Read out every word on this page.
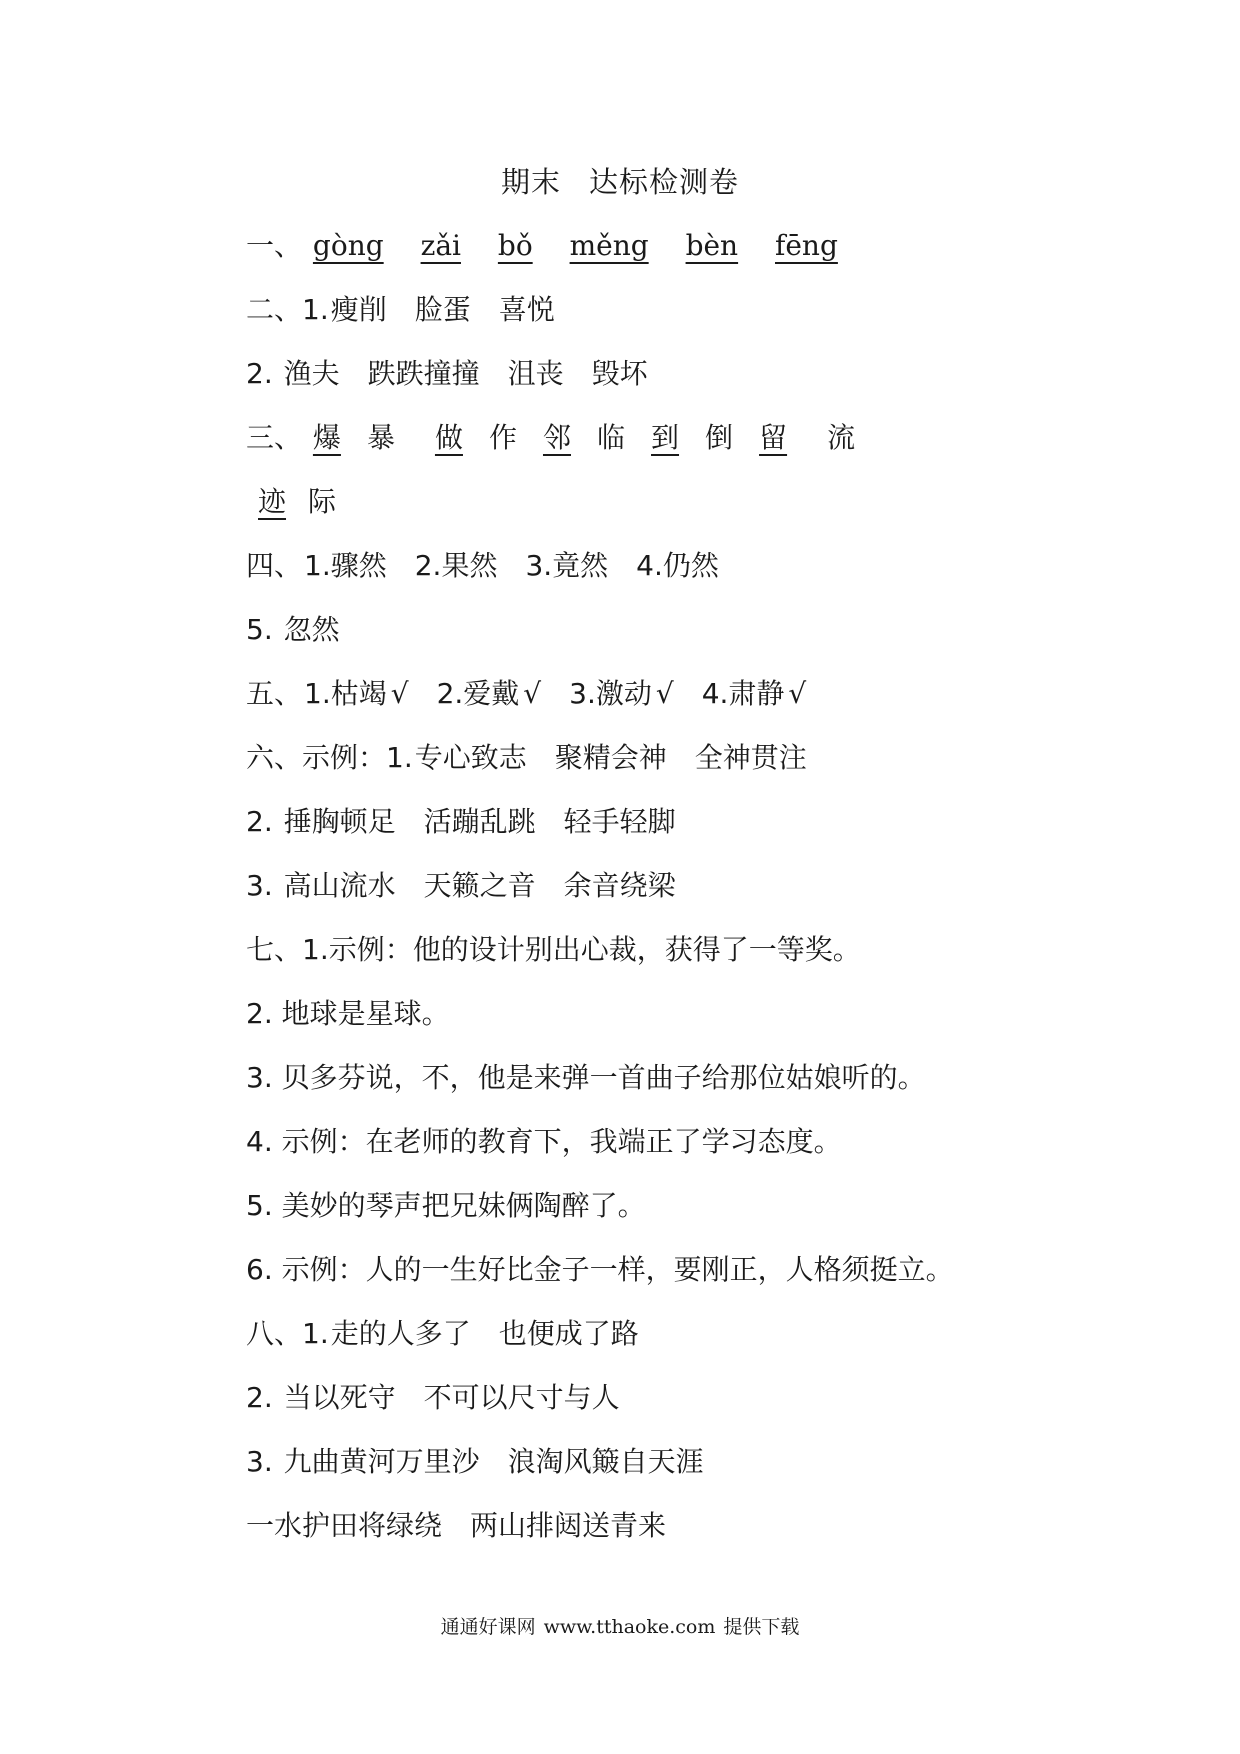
期末 达标检测卷
一、 gòng zǎi bǒ měng bèn fēng
二、1.瘦削 脸蛋 喜悦
2. 渔夫 跌跌撞撞 沮丧 毁坏
三、 爆 暴 做 作 邻 临 到 倒 留 流
迹 际
四、1.骤然 2.果然 3.竟然 4.仍然
5. 忽然
五、1.枯竭 √ 2.爱戴 √ 3.激动 √ 4.肃静 √
六、示例：1.专心致志 聚精会神 全神贯注
2. 捶胸顿足 活蹦乱跳 轻手轻脚
3. 高山流水 天籁之音 余音绕梁
七、1.示例：他的设计别出心裁，获得了一等奖。
2. 地球是星球。
3. 贝多芬说，不，他是来弹一首曲子给那位姑娘听的。
4. 示例：在老师的教育下，我端正了学习态度。
5. 美妙的琴声把兄妹俩陶醉了。
6. 示例：人的一生好比金子一样，要刚正，人格须挺立。
八、1.走的人多了 也便成了路
2. 当以死守 不可以尺寸与人
3. 九曲黄河万里沙 浪淘风簸自天涯
一水护田将绿绕 两山排闼送青来
通通好课网 www.tthaoke.com 提供下载
